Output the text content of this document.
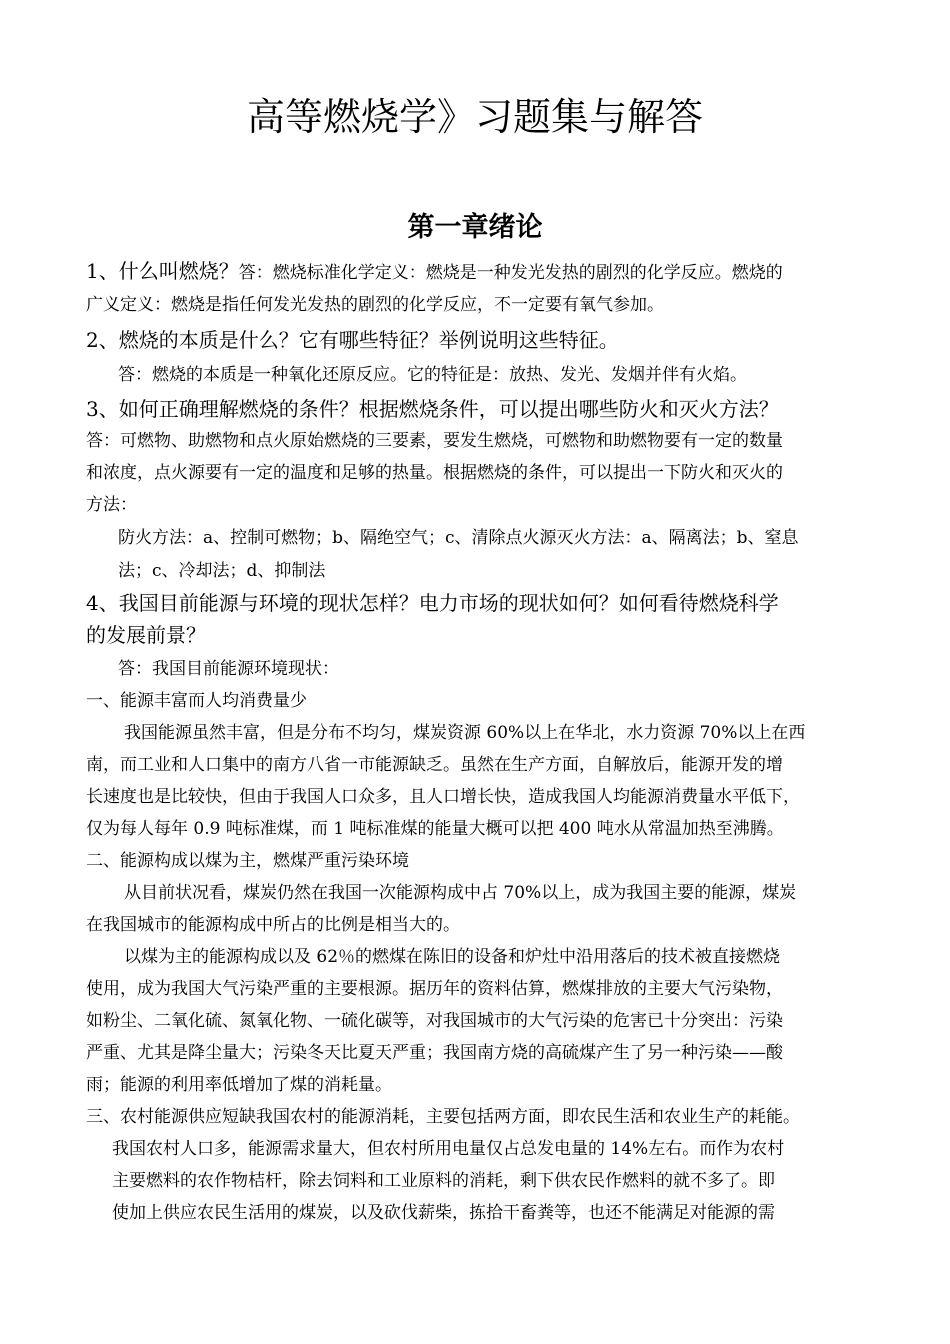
高等燃烧学》习题集与解答
第一章绪论
1、什么叫燃烧？答：燃烧标准化学定义：燃烧是一种发光发热的剧烈的化学反应。燃烧的
广义定义：燃烧是指任何发光发热的剧烈的化学反应，不一定要有氧气参加。
2、燃烧的本质是什么？它有哪些特征？举例说明这些特征。
答：燃烧的本质是一种氧化还原反应。它的特征是：放热、发光、发烟并伴有火焰。
3、如何正确理解燃烧的条件？根据燃烧条件，可以提出哪些防火和灭火方法？
答：可燃物、助燃物和点火原始燃烧的三要素，要发生燃烧，可燃物和助燃物要有一定的数量
和浓度，点火源要有一定的温度和足够的热量。根据燃烧的条件，可以提出一下防火和灭火的
方法：
防火方法：a、控制可燃物；b、隔绝空气；c、清除点火源灭火方法：a、隔离法；b、窒息
法；c、冷却法；d、抑制法
4、我国目前能源与环境的现状怎样？电力市场的现状如何？如何看待燃烧科学
的发展前景？
答：我国目前能源环境现状：
一、能源丰富而人均消费量少
我国能源虽然丰富，但是分布不均匀，煤炭资源 60%以上在华北，水力资源 70%以上在西
南，而工业和人口集中的南方八省一市能源缺乏。虽然在生产方面，自解放后，能源开发的增
长速度也是比较快，但由于我国人口众多，且人口增长快，造成我国人均能源消费量水平低下，
仅为每人每年 0.9 吨标准煤，而 1 吨标准煤的能量大概可以把 400 吨水从常温加热至沸腾。
二、能源构成以煤为主，燃煤严重污染环境
从目前状况看，煤炭仍然在我国一次能源构成中占 70%以上，成为我国主要的能源，煤炭
在我国城市的能源构成中所占的比例是相当大的。
以煤为主的能源构成以及 62％的燃煤在陈旧的设备和炉灶中沿用落后的技术被直接燃烧
使用，成为我国大气污染严重的主要根源。据历年的资料估算，燃煤排放的主要大气污染物，
如粉尘、二氧化硫、氮氧化物、一硫化碳等，对我国城市的大气污染的危害已十分突出：污染
严重、尤其是降尘量大；污染冬天比夏天严重；我国南方烧的高硫煤产生了另一种污染——酸
雨；能源的利用率低增加了煤的消耗量。
三、农村能源供应短缺我国农村的能源消耗，主要包括两方面，即农民生活和农业生产的耗能。
我国农村人口多，能源需求量大，但农村所用电量仅占总发电量的 14%左右。而作为农村
主要燃料的农作物桔杆，除去饲料和工业原料的消耗，剩下供农民作燃料的就不多了。即
使加上供应农民生活用的煤炭，以及砍伐薪柴，拣拾干畜粪等，也还不能满足对能源的需
